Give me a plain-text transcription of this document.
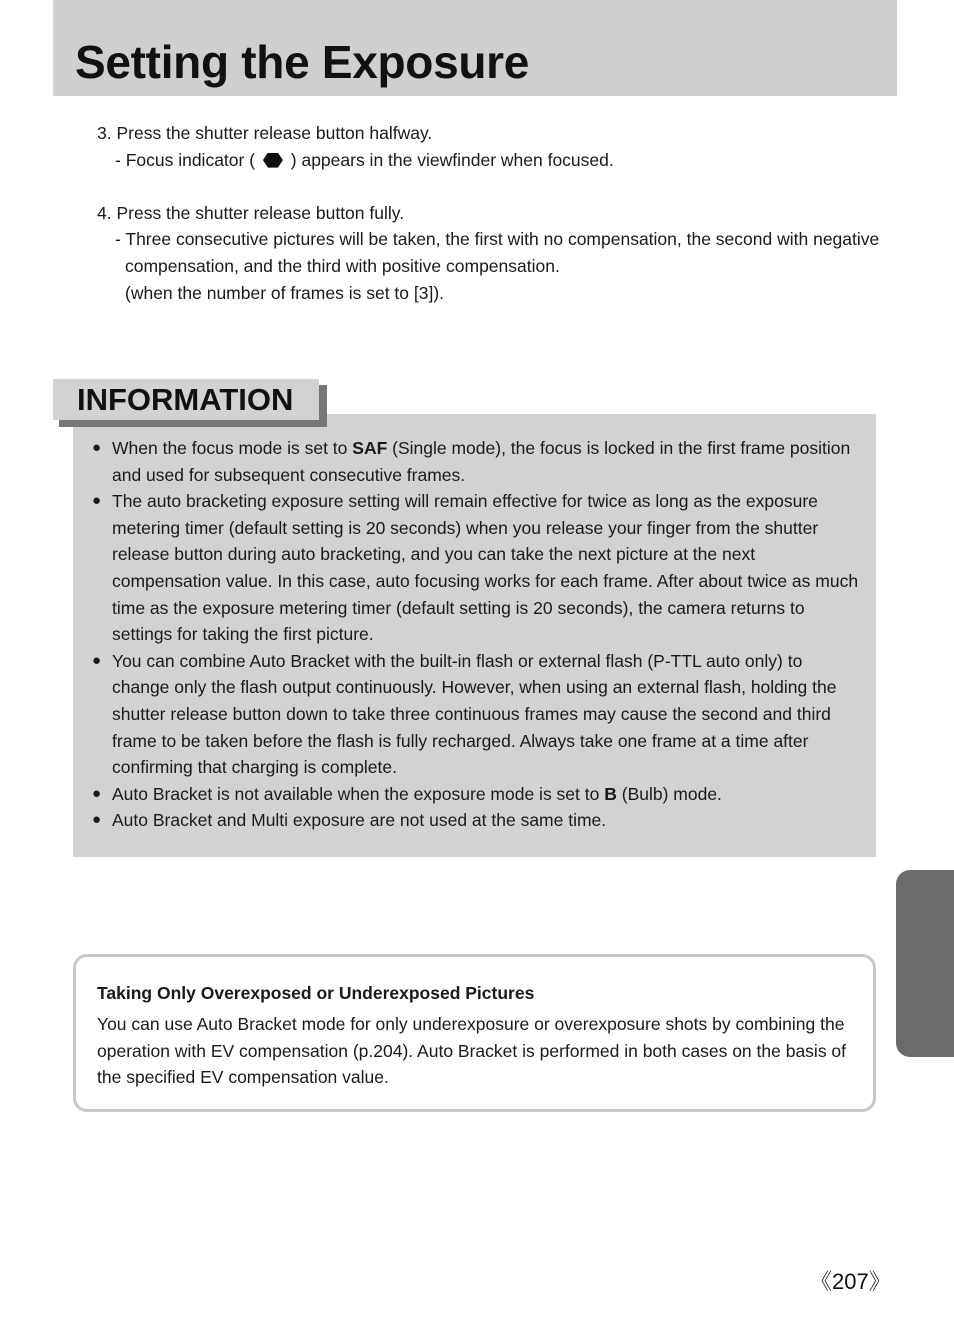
Setting the Exposure

3. Press the shutter release button halfway.

- Focus indicator (  ) appears in the viewfinder when focused.

4. Press the shutter release button fully.

- Three consecutive pictures will be taken, the first with no compensation, the second with negative

compensation, and the third with positive compensation.

(when the number of frames is set to [3]).

● When the focus mode is set to SAF (Single mode), the focus is locked in the first frame position and used for subsequent consecutive frames.
● The auto bracketing exposure setting will remain effective for twice as long as the exposure metering timer (default setting is 20 seconds) when you release your finger from the shutter release button during auto bracketing, and you can take the next picture at the next compensation value. In this case, auto focusing works for each frame. After about twice as much time as the exposure metering timer (default setting is 20 seconds), the camera returns to settings for taking the first picture.
● You can combine Auto Bracket with the built-in flash or external flash (P-TTL auto only) to change only the flash output continuously. However, when using an external flash, holding the shutter release button down to take three continuous frames may cause the second and third frame to be taken before the flash is fully recharged. Always take one frame at a time after confirming that charging is complete.
● Auto Bracket is not available when the exposure mode is set to B (Bulb) mode.
● Auto Bracket and Multi exposure are not used at the same time.
INFORMATION

Taking Only Overexposed or Underexposed Pictures

You can use Auto Bracket mode for only underexposure or overexposure shots by combining the operation with EV compensation (p.204). Auto Bracket is performed in both cases on the basis of the specified EV compensation value.

《207》
